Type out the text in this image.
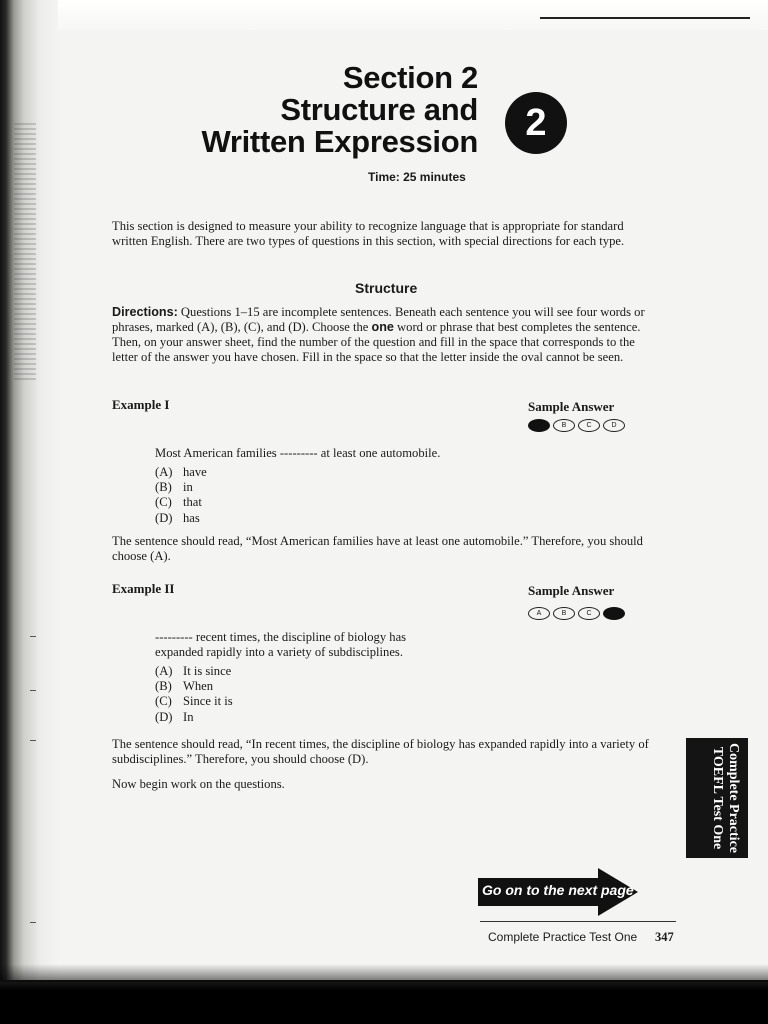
Section 2
Structure and
Written Expression	2
Time: 25 minutes
This section is designed to measure your ability to recognize language that is appropriate for standard written English. There are two types of questions in this section, with special directions for each type.
Structure
Directions: Questions 1–15 are incomplete sentences. Beneath each sentence you will see four words or phrases, marked (A), (B), (C), and (D). Choose the one word or phrase that best completes the sentence. Then, on your answer sheet, find the number of the question and fill in the space that corresponds to the letter of the answer you have chosen. Fill in the space so that the letter inside the oval cannot be seen.
Example I	Sample Answer
B	C	D
Most American families --------- at least one automobile.
(A) have
(B) in
(C) that
(D) has
The sentence should read, “Most American families have at least one automobile.” Therefore, you should choose (A).
Example II	Sample Answer
A	B	C
--------- recent times, the discipline of biology has expanded rapidly into a variety of subdisciplines.
(A) It is since
(B) When
(C) Since it is
(D) In
The sentence should read, “In recent times, the discipline of biology has expanded rapidly into a variety of subdisciplines.” Therefore, you should choose (D).
Now begin work on the questions.	Complete Practice TOEFL Test One
Go on to the next page
Complete Practice Test One 347
